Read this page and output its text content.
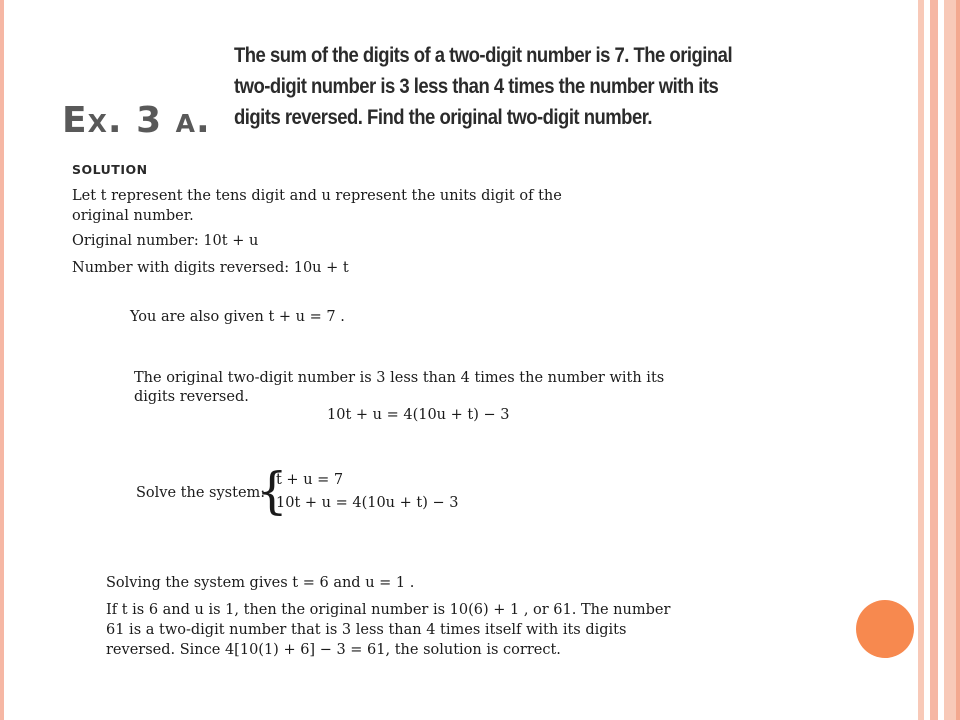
EX. 3 A.
The sum of the digits of a two-digit number is 7. The original two-digit number is 3 less than 4 times the number with its digits reversed. Find the original two-digit number.
SOLUTION
Let t represent the tens digit and u represent the units digit of the
original number.
Original number: 10t + u
Number with digits reversed: 10u + t
You are also given t + u = 7 .
The original two-digit number is 3 less than 4 times the number with its
digits reversed.
10t + u = 4(10u + t) − 3
Solve the system:
{
t + u = 7
10t + u = 4(10u + t) − 3
Solving the system gives t = 6 and u = 1 .
If t is 6 and u is 1, then the original number is 10(6) + 1 , or 61. The number
61 is a two-digit number that is 3 less than 4 times itself with its digits
reversed. Since 4[10(1) + 6] − 3 = 61, the solution is correct.
